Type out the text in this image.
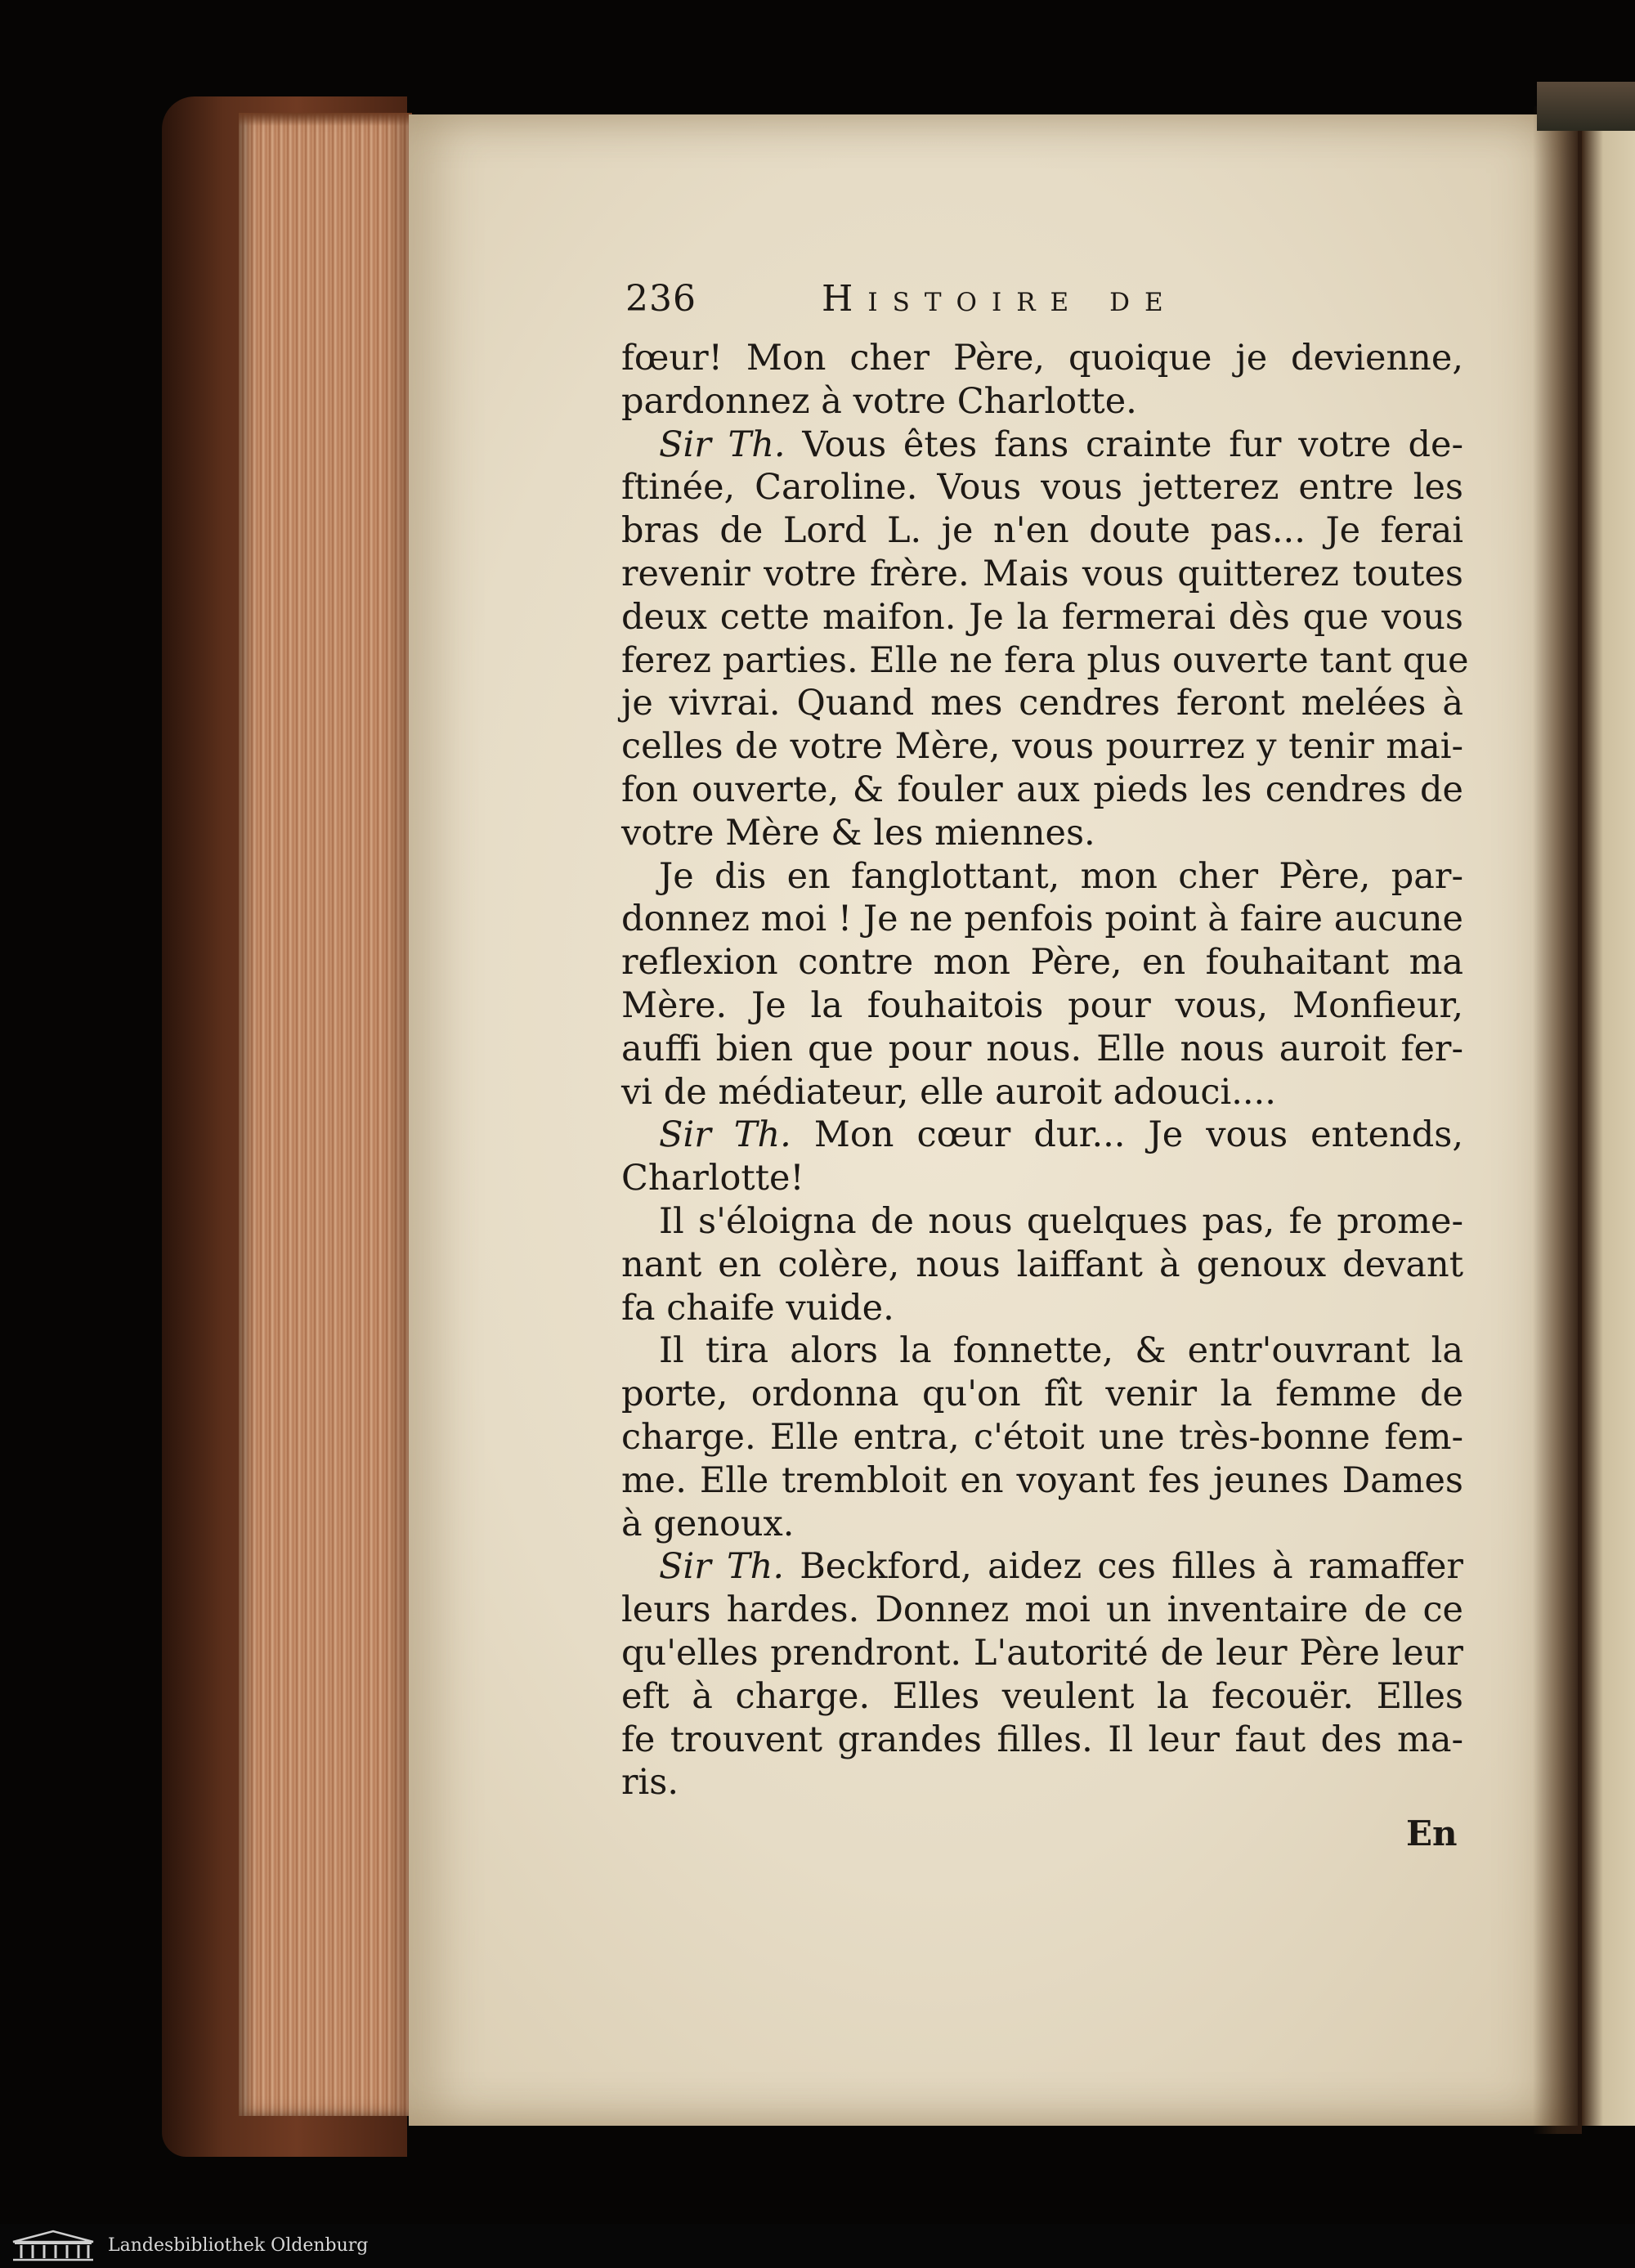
236	Histoire de
fœur! Mon cher Père, quoique je devienne,
pardonnez à votre Charlotte.
Sir Th. Vous êtes fans crainte fur votre de-
ftinée, Caroline. Vous vous jetterez entre les
bras de Lord L. je n'en doute pas... Je ferai
revenir votre frère. Mais vous quitterez toutes
deux cette maifon. Je la fermerai dès que vous
ferez parties. Elle ne fera plus ouverte tant que
je vivrai. Quand mes cendres feront melées à
celles de votre Mère, vous pourrez y tenir mai-
fon ouverte, & fouler aux pieds les cendres de
votre Mère & les miennes.
Je dis en fanglottant, mon cher Père, par-
donnez moi ! Je ne penfois point à faire aucune
reflexion contre mon Père, en fouhaitant ma
Mère. Je la fouhaitois pour vous, Monfieur,
auffi bien que pour nous. Elle nous auroit fer-
vi de médiateur, elle auroit adouci....
Sir Th. Mon cœur dur... Je vous entends,
Charlotte!
Il s'éloigna de nous quelques pas, fe prome-
nant en colère, nous laiffant à genoux devant
fa chaife vuide.
Il tira alors la fonnette, & entr'ouvrant la
porte, ordonna qu'on fît venir la femme de
charge. Elle entra, c'étoit une très-bonne fem-
me. Elle trembloit en voyant fes jeunes Dames
à genoux.
Sir Th. Beckford, aidez ces filles à ramaffer
leurs hardes. Donnez moi un inventaire de ce
qu'elles prendront. L'autorité de leur Père leur
eft à charge. Elles veulent la fecouër. Elles
fe trouvent grandes filles. Il leur faut des ma-
ris.
En
Landesbibliothek Oldenburg
